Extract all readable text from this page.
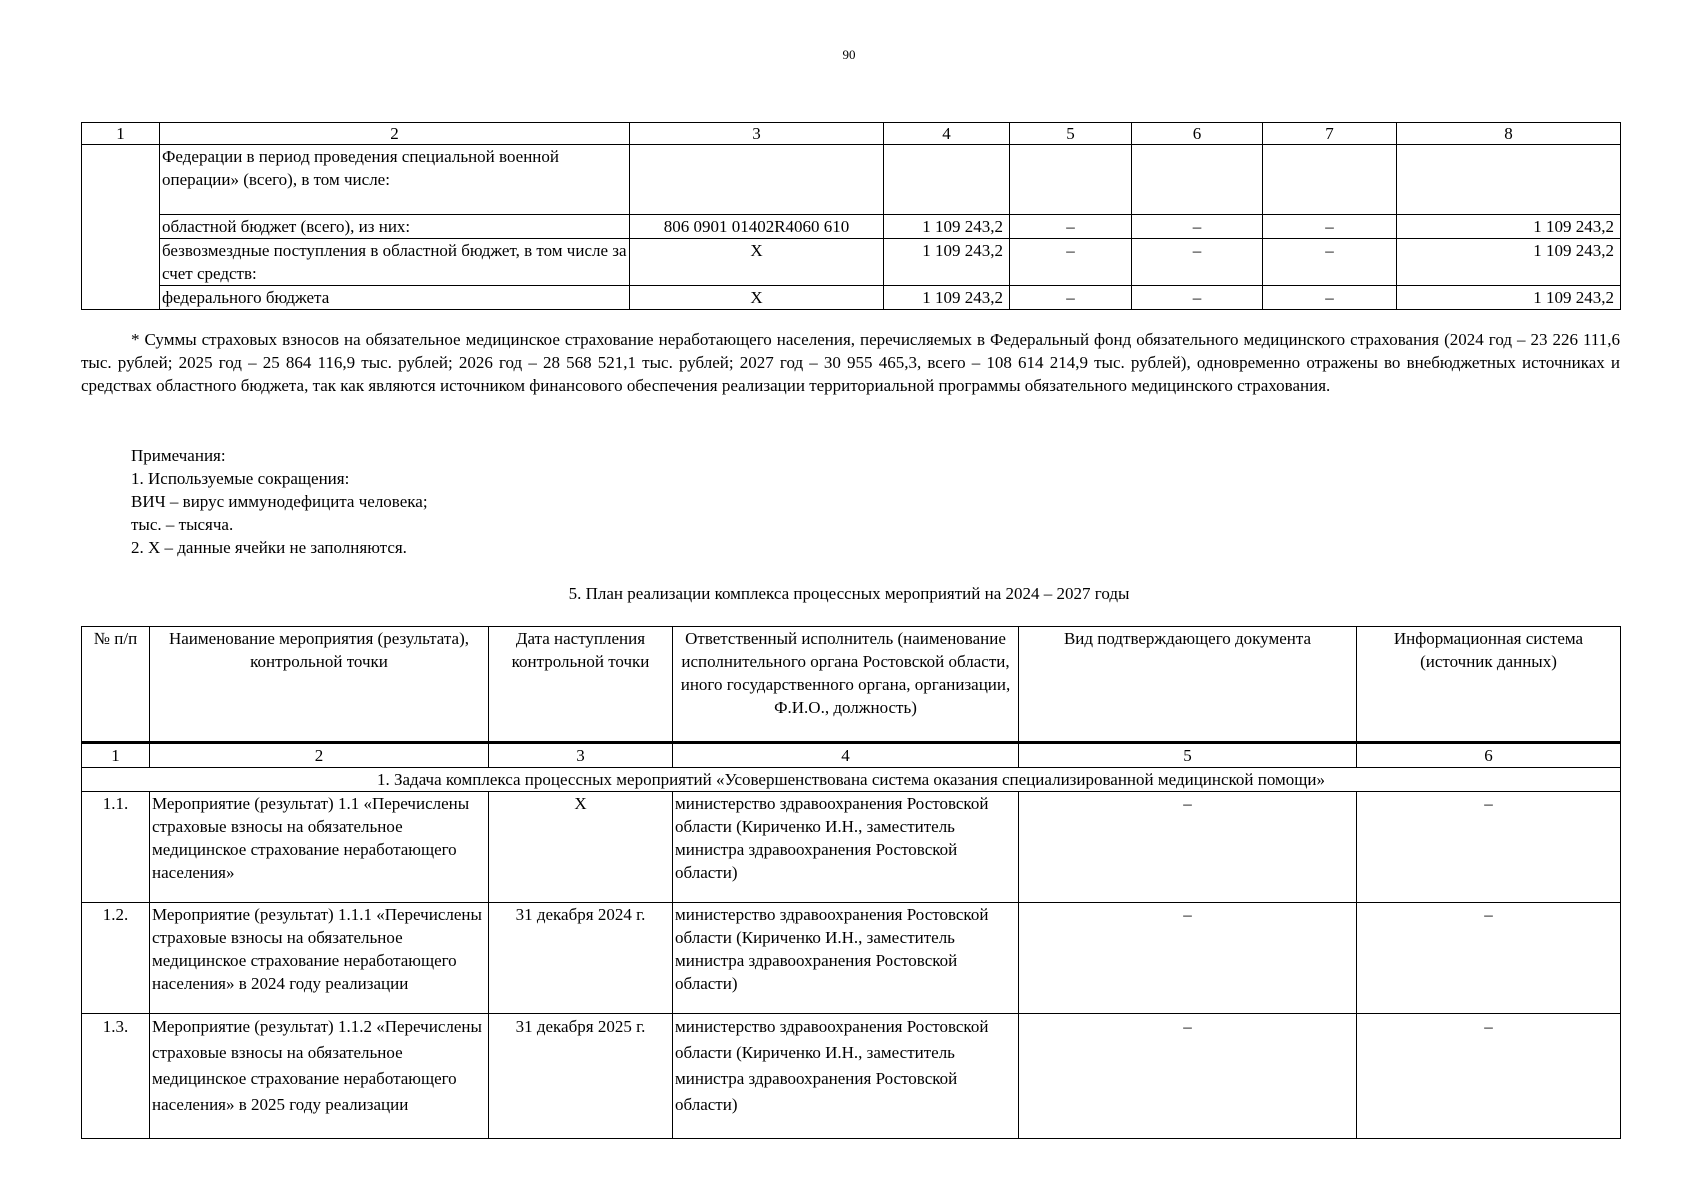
90
1	2	3	4	5	6	7	8
	Федерации в период проведения специальной военной операции» (всего), в том числе:						
	областной бюджет (всего), из них:	806 0901 01402R4060 610	1 109 243,2	–	–	–	1 109 243,2
	безвозмездные поступления в областной бюджет, в том числе за счет средств:	Х	1 109 243,2	–	–	–	1 109 243,2
	федерального бюджета	Х	1 109 243,2	–	–	–	1 109 243,2
* Суммы страховых взносов на обязательное медицинское страхование неработающего населения, перечисляемых в Федеральный фонд обязательного медицинского страхования (2024 год – 23 226 111,6 тыс. рублей; 2025 год – 25 864 116,9 тыс. рублей; 2026 год – 28 568 521,1 тыс. рублей; 2027 год – 30 955 465,3, всего – 108 614 214,9 тыс. рублей), одновременно отражены во внебюджетных источниках и средствах областного бюджета, так как являются источником финансового обеспечения реализации территориальной программы обязательного медицинского страхования.
Примечания:
1. Используемые сокращения:
ВИЧ – вирус иммунодефицита человека;
тыс. – тысяча.
2. Х – данные ячейки не заполняются.
5. План реализации комплекса процессных мероприятий на 2024 – 2027 годы
№ п/п	Наименование мероприятия (результата), контрольной точки	Дата наступления контрольной точки	Ответственный исполнитель (наименование исполнительного органа Ростовской области, иного государственного органа, организации, Ф.И.О., должность)	Вид подтверждающего документа	Информационная система (источник данных)
1	2	3	4	5	6
1. Задача комплекса процессных мероприятий «Усовершенствована система оказания специализированной медицинской помощи»					
1.1.	Мероприятие (результат) 1.1 «Перечислены страховые взносы на обязательное медицинское страхование неработающего населения»	Х	министерство здравоохранения Ростовской области (Кириченко И.Н., заместитель министра здравоохранения Ростовской области)	–	–
1.2.	Мероприятие (результат) 1.1.1 «Перечислены страховые взносы на обязательное медицинское страхование неработающего населения» в 2024 году реализации	31 декабря 2024 г.	министерство здравоохранения Ростовской области (Кириченко И.Н., заместитель министра здравоохранения Ростовской области)	–	–
1.3.	Мероприятие (результат) 1.1.2 «Перечислены страховые взносы на обязательное медицинское страхование неработающего населения» в 2025 году реализации	31 декабря 2025 г.	министерство здравоохранения Ростовской области (Кириченко И.Н., заместитель министра здравоохранения Ростовской области)	–	–
